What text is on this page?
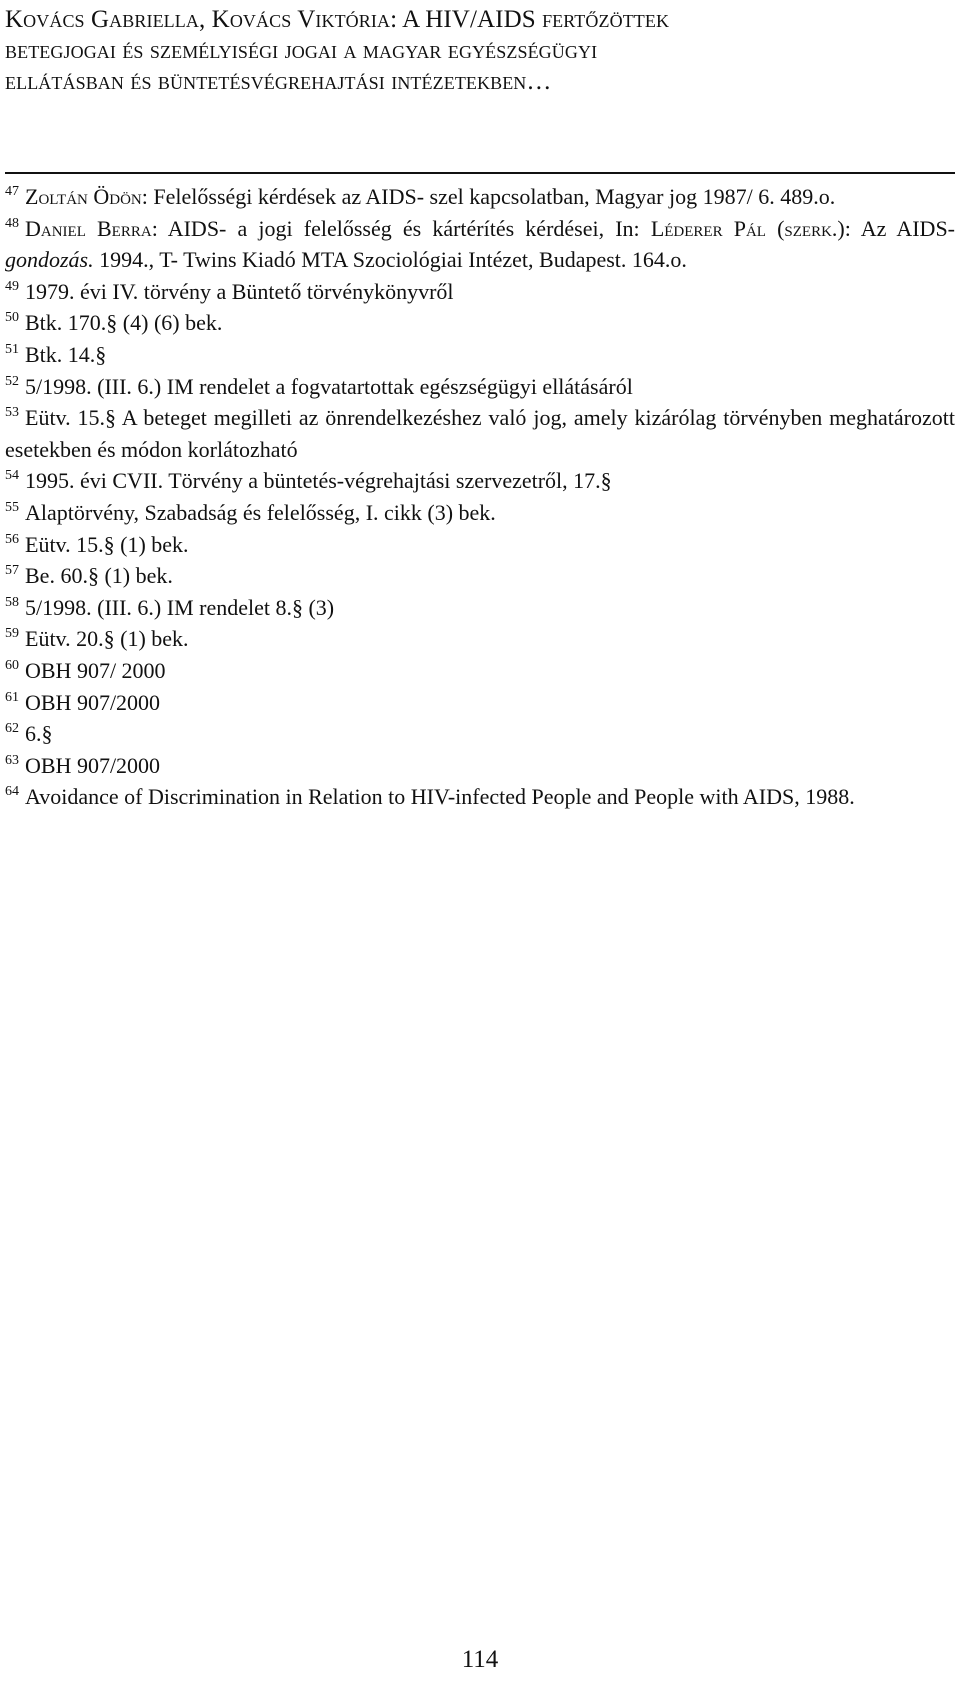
Kovács Gabriella, Kovács Viktória: A HIV/AIDS fertőzöttek
betegjogai és személyiségi jogai a magyar egyészségügyi
ellátásban és büntetésvégrehajtási intézetekben…

$^{47}$ Zoltán Ödön: Felelősségi kérdések az AIDS- szel kapcsolatban, Magyar jog 1987/ 6. 489.o.

$^{48}$ Daniel Berra: AIDS- a jogi felelősség és kártérítés kérdései, In: Léderer Pál (szerk.): Az AIDS- gondozás. 1994., T- Twins Kiadó MTA Szociológiai Intézet, Budapest. 164.o.

$^{49}$ 1979. évi IV. törvény a Büntető törvénykönyvről

$^{50}$ Btk. 170.§ (4) (6) bek.

$^{51}$ Btk. 14.§

$^{52}$ 5/1998. (III. 6.) IM rendelet a fogvatartottak egészségügyi ellátásáról

$^{53}$ Eütv. 15.§ A beteget megilleti az önrendelkezéshez való jog, amely kizárólag törvényben meghatározott esetekben és módon korlátozható

$^{54}$ 1995. évi CVII. Törvény a büntetés-végrehajtási szervezetről, 17.§

$^{55}$ Alaptörvény, Szabadság és felelősség, I. cikk (3) bek.

$^{56}$ Eütv. 15.§ (1) bek.

$^{57}$ Be. 60.§ (1) bek.

$^{58}$ 5/1998. (III. 6.) IM rendelet 8.§ (3)

$^{59}$ Eütv. 20.§ (1) bek.

$^{60}$ OBH 907/ 2000

$^{61}$ OBH 907/2000

$^{62}$ 6.§

$^{63}$ OBH 907/2000

$^{64}$ Avoidance of Discrimination in Relation to HIV-infected People and People with AIDS, 1988.

114
